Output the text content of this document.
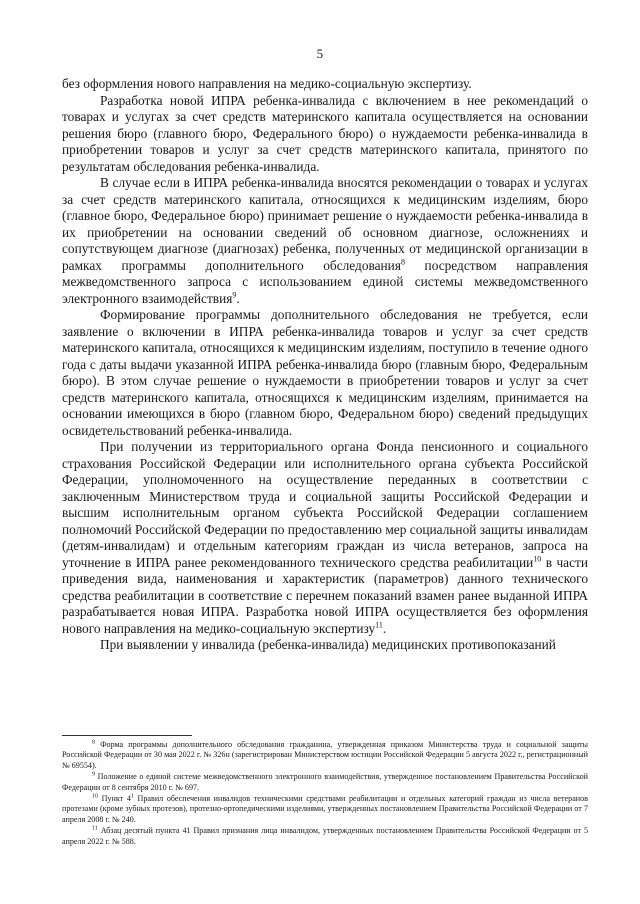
5

без оформления нового направления на медико-социальную экспертизу.

Разработка новой ИПРА ребенка-инвалида с включением в нее рекомендаций о товарах и услугах за счет средств материнского капитала осуществляется на основании решения бюро (главного бюро, Федерального бюро) о нуждаемости ребенка-инвалида в приобретении товаров и услуг за счет средств материнского капитала, принятого по результатам обследования ребенка-инвалида.

В случае если в ИПРА ребенка-инвалида вносятся рекомендации о товарах и услугах за счет средств материнского капитала, относящихся к медицинским изделиям, бюро (главное бюро, Федеральное бюро) принимает решение о нуждаемости ребенка-инвалида в их приобретении на основании сведений об основном диагнозе, осложнениях и сопутствующем диагнозе (диагнозах) ребенка, полученных от медицинской организации в рамках программы дополнительного обследования$^8$ посредством направления межведомственного запроса с использованием единой системы межведомственного электронного взаимодействия$^9$.

Формирование программы дополнительного обследования не требуется, если заявление о включении в ИПРА ребенка-инвалида товаров и услуг за счет средств материнского капитала, относящихся к медицинским изделиям, поступило в течение одного года с даты выдачи указанной ИПРА ребенка-инвалида бюро (главным бюро, Федеральным бюро). В этом случае решение о нуждаемости в приобретении товаров и услуг за счет средств материнского капитала, относящихся к медицинским изделиям, принимается на основании имеющихся в бюро (главном бюро, Федеральном бюро) сведений предыдущих освидетельствований ребенка-инвалида.

При получении из территориального органа Фонда пенсионного и социального страхования Российской Федерации или исполнительного органа субъекта Российской Федерации, уполномоченного на осуществление переданных в соответствии с заключенным Министерством труда и социальной защиты Российской Федерации и высшим исполнительным органом субъекта Российской Федерации соглашением полномочий Российской Федерации по предоставлению мер социальной защиты инвалидам (детям-инвалидам) и отдельным категориям граждан из числа ветеранов, запроса на уточнение в ИПРА ранее рекомендованного технического средства реабилитации$^{10}$ в части приведения вида, наименования и характеристик (параметров) данного технического средства реабилитации в соответствие с перечнем показаний взамен ранее выданной ИПРА разрабатывается новая ИПРА. Разработка новой ИПРА осуществляется без оформления нового направления на медико-социальную экспертизу$^{11}$.

При выявлении у инвалида (ребенка-инвалида) медицинских противопоказаний

$^8$ Форма программы дополнительного обследования гражданина, утвержденная приказом Министерства труда и социальной защиты Российской Федерации от 30 мая 2022 г. № 326н (зарегистрирован Министерством юстиции Российской Федерации 5 августа 2022 г., регистрационный № 69554).

$^9$ Положение о единой системе межведомственного электронного взаимодействия, утвержденное постановлением Правительства Российской Федерации от 8 сентября 2010 г. № 697.

$^{10}$ Пункт $4^1$ Правил обеспечения инвалидов техническими средствами реабилитации и отдельных категорий граждан из числа ветеранов протезами (кроме зубных протезов), протезно-ортопедическими изделиями, утвержденных постановлением Правительства Российской Федерации от 7 апреля 2008 г. № 240.

$^{11}$ Абзац десятый пункта 41 Правил признания лица инвалидом, утвержденных постановлением Правительства Российской Федерации от 5 апреля 2022 г. № 588.
